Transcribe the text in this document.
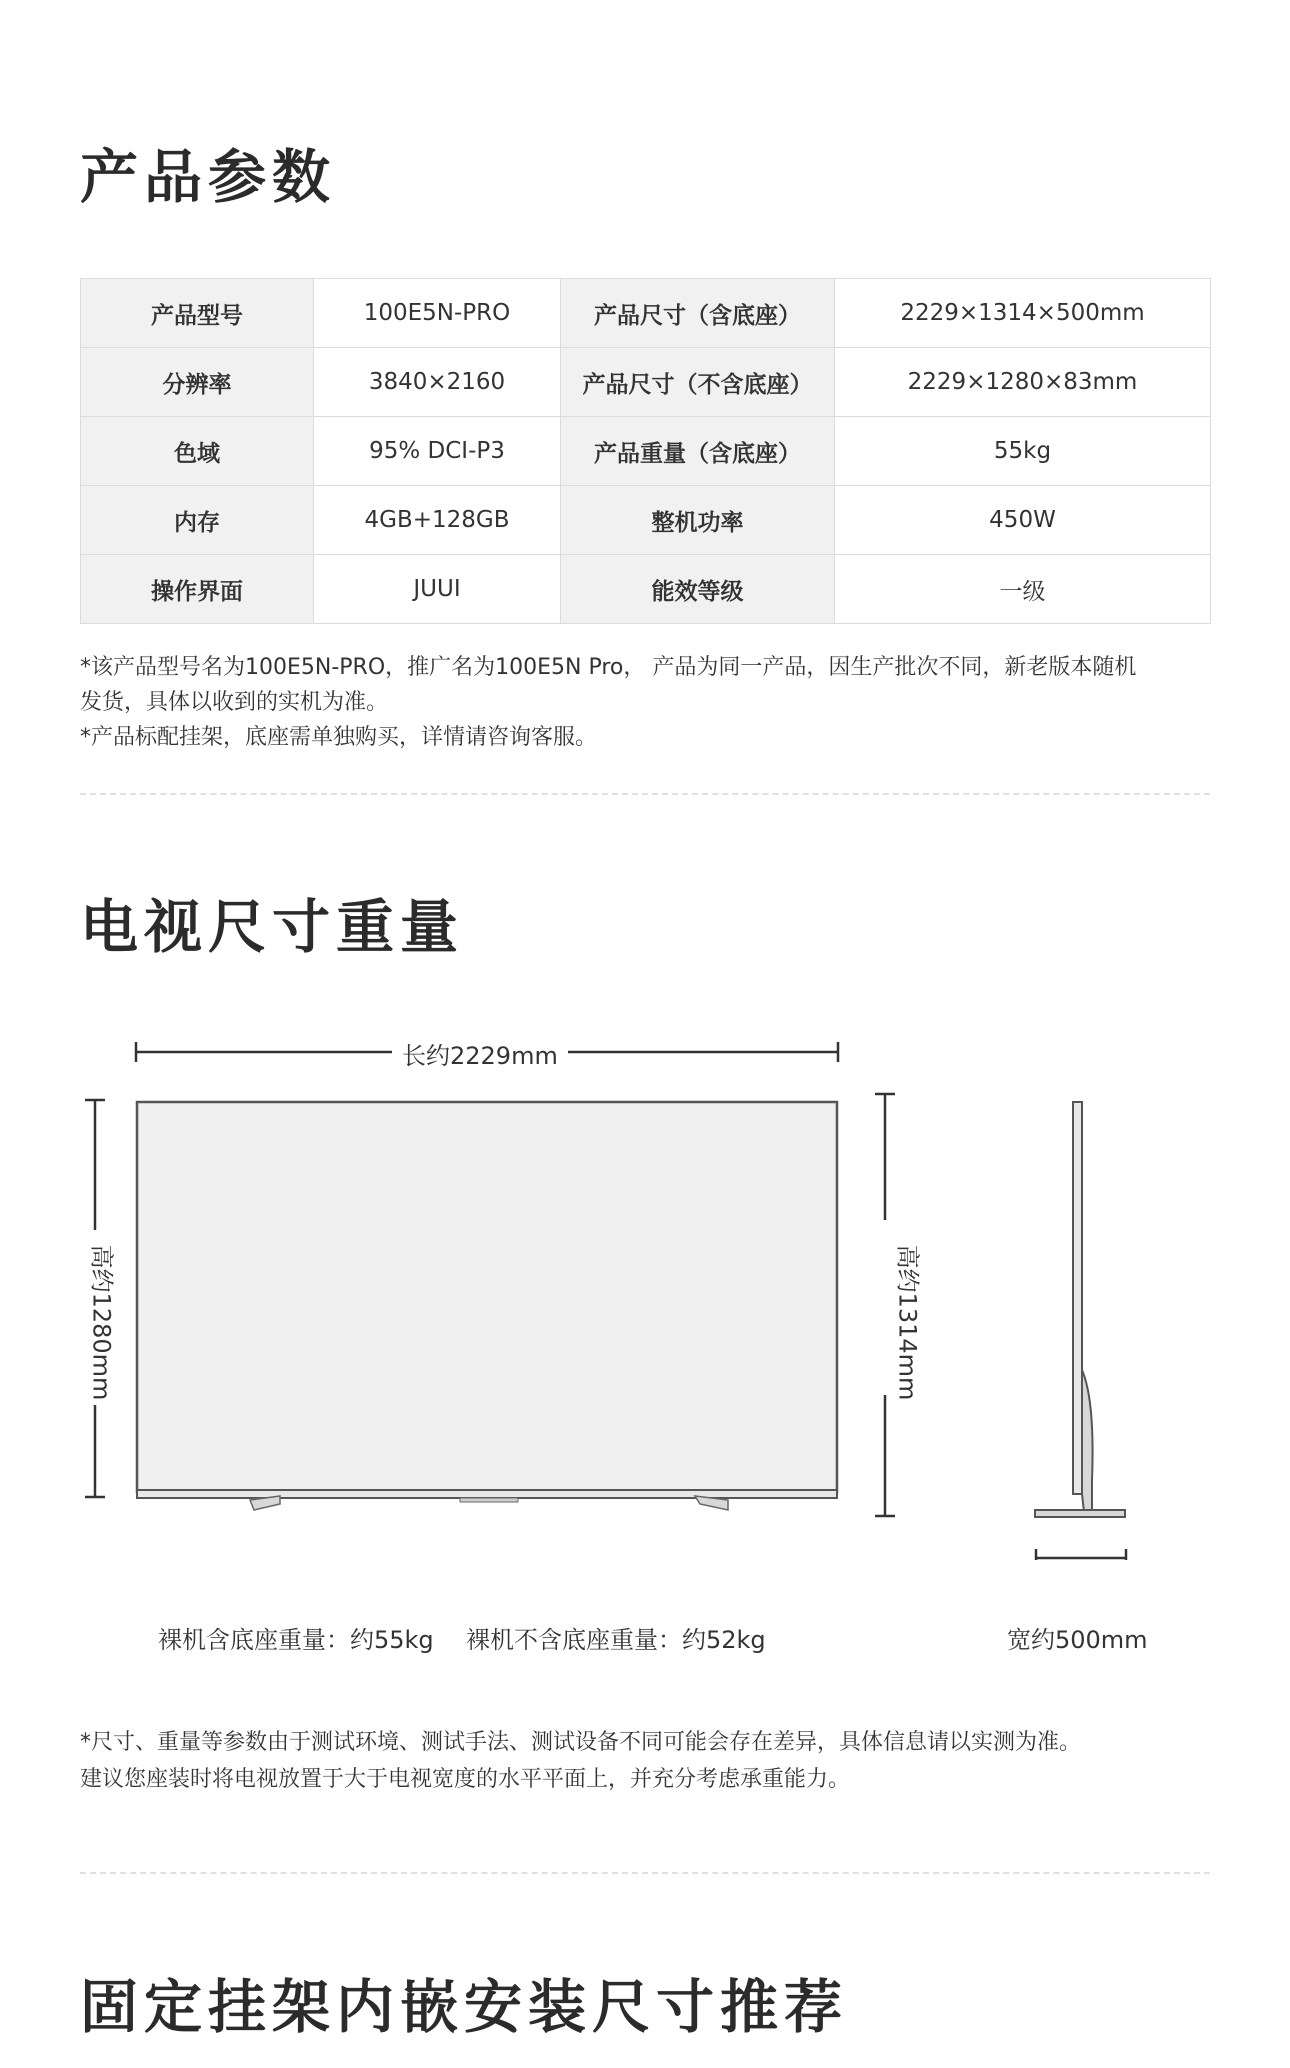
产品参数
产品型号	100E5N-PRO	产品尺寸（含底座）	2229×1314×500mm
分辨率	3840×2160	产品尺寸（不含底座）	2229×1280×83mm
色域	95% DCI-P3	产品重量（含底座）	55kg
内存	4GB+128GB	整机功率	450W
操作界面	JUUI	能效等级	一级

*该产品型号名为100E5N-PRO，推广名为100E5N Pro， 产品为同一产品，因生产批次不同，新老版本随机

发货，具体以收到的实机为准。

*产品标配挂架，底座需单独购买，详情请咨询客服。

电视尺寸重量

长约2229mm

高约1280mm	高约1314mm

裸机含底座重量：约55kg 裸机不含底座重量：约52kg	宽约500mm

*尺寸、重量等参数由于测试环境、测试手法、测试设备不同可能会存在差异，具体信息请以实测为准。

建议您座装时将电视放置于大于电视宽度的水平平面上，并充分考虑承重能力。

固定挂架内嵌安装尺寸推荐
